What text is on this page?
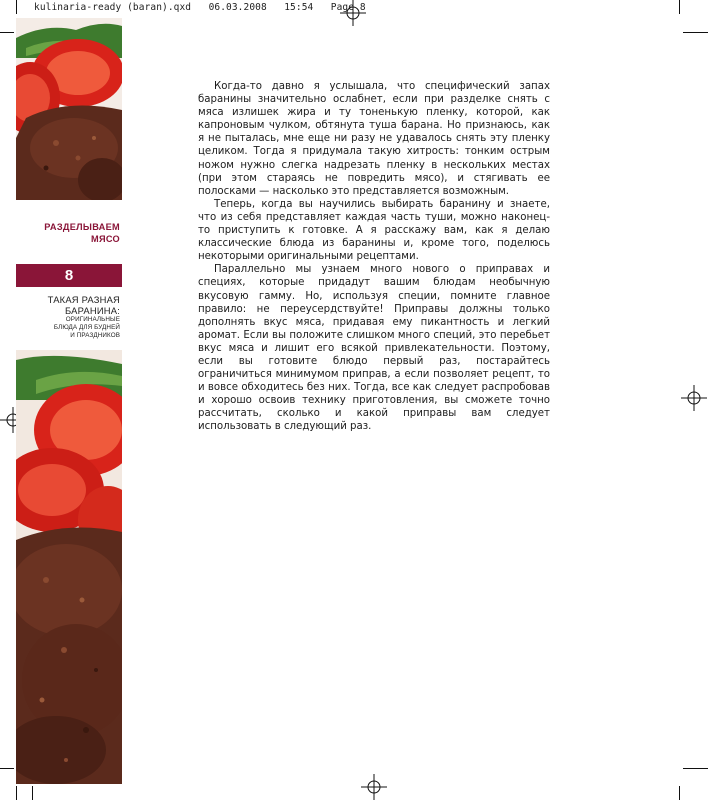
kulinaria-ready (baran).qxd   06.03.2008   15:54   Page 8
РАЗДЕЛЫВАЕМ
МЯСО
8
ТАКАЯ РАЗНАЯ
БАРАНИНА:
ОРИГИНАЛЬНЫЕ
БЛЮДА ДЛЯ БУДНЕЙ
И ПРАЗДНИКОВ

Когда-то давно я услышала, что специфический запах баранины значительно ослабнет, если при разделке снять с мяса излишек жира и ту тоненькую пленку, которой, как капроновым чулком, обтянута туша барана. Но признаюсь, как я не пыталась, мне еще ни разу не удавалось снять эту пленку целиком. Тогда я придумала такую хитрость: тонким острым ножом нужно слегка надрезать пленку в нескольких местах (при этом стараясь не повредить мясо), и стягивать ее полосками — насколько это представляется возможным.

Теперь, когда вы научились выбирать баранину и знаете, что из себя представляет каждая часть туши, можно наконец-то приступить к готовке. А я расскажу вам, как я делаю классические блюда из баранины и, кроме того, поделюсь некоторыми оригинальными рецептами.

Параллельно мы узнаем много нового о приправах и специях, которые придадут вашим блюдам необычную вкусовую гамму. Но, используя специи, помните главное правило: не переусердствуйте! Приправы должны только дополнять вкус мяса, придавая ему пикантность и легкий аромат. Если вы положите слишком много специй, это перебьет вкус мяса и лишит его всякой привлекательности. Поэтому, если вы готовите блюдо первый раз, постарайтесь ограничиться минимумом приправ, а если позволяет рецепт, то и вовсе обходитесь без них. Тогда, все как следует распробовав и хорошо освоив технику приготовления, вы сможете точно рассчитать, сколько и какой приправы вам следует использовать в следующий раз.
